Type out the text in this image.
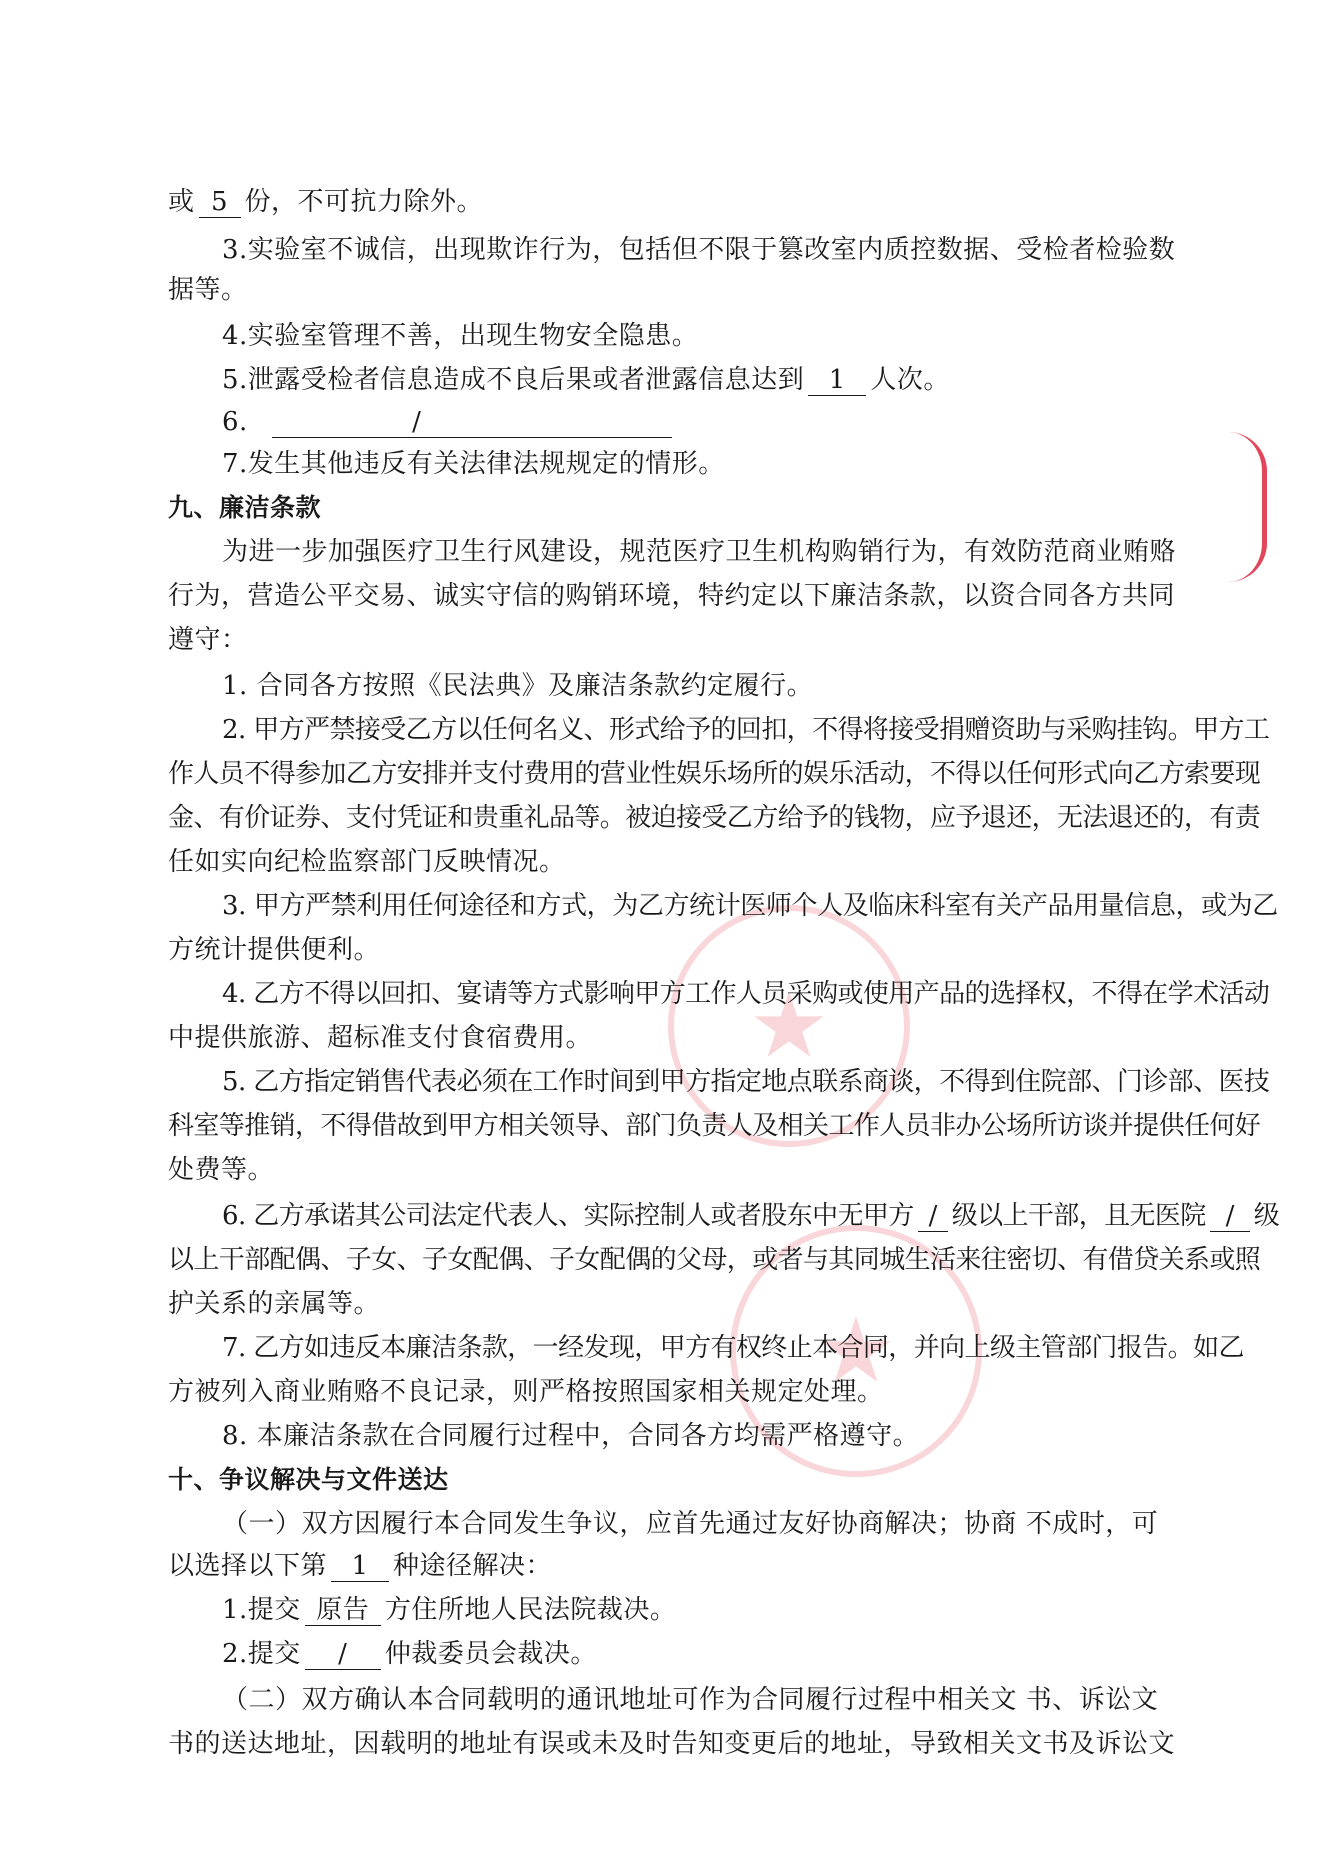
★
★
或 5 份，不可抗力除外。
3.实验室不诚信，出现欺诈行为，包括但不限于篡改室内质控数据、受检者检验数
据等。
4.实验室管理不善，出现生物安全隐患。
5.泄露受检者信息造成不良后果或者泄露信息达到 1 人次。
6.	/
7.发生其他违反有关法律法规规定的情形。
九、廉洁条款
为进一步加强医疗卫生行风建设，规范医疗卫生机构购销行为，有效防范商业贿赂
行为，营造公平交易、诚实守信的购销环境，特约定以下廉洁条款，以资合同各方共同
遵守：
1. 合同各方按照《民法典》及廉洁条款约定履行。
2. 甲方严禁接受乙方以任何名义、形式给予的回扣，不得将接受捐赠资助与采购挂钩。甲方工
作人员不得参加乙方安排并支付费用的营业性娱乐场所的娱乐活动，不得以任何形式向乙方索要现
金、有价证券、支付凭证和贵重礼品等。被迫接受乙方给予的钱物，应予退还，无法退还的，有责
任如实向纪检监察部门反映情况。
3. 甲方严禁利用任何途径和方式，为乙方统计医师个人及临床科室有关产品用量信息，或为乙
方统计提供便利。
4. 乙方不得以回扣、宴请等方式影响甲方工作人员采购或使用产品的选择权，不得在学术活动
中提供旅游、超标准支付食宿费用。
5. 乙方指定销售代表必须在工作时间到甲方指定地点联系商谈，不得到住院部、门诊部、医技
科室等推销，不得借故到甲方相关领导、部门负责人及相关工作人员非办公场所访谈并提供任何好
处费等。
6. 乙方承诺其公司法定代表人、实际控制人或者股东中无甲方 / 级以上干部，且无医院 / 级
以上干部配偶、子女、子女配偶、子女配偶的父母，或者与其同城生活来往密切、有借贷关系或照
护关系的亲属等。
7. 乙方如违反本廉洁条款，一经发现，甲方有权终止本合同，并向上级主管部门报告。如乙
方被列入商业贿赂不良记录，则严格按照国家相关规定处理。
8. 本廉洁条款在合同履行过程中，合同各方均需严格遵守。
十、争议解决与文件送达
（一）双方因履行本合同发生争议，应首先通过友好协商解决；协商 不成时，可
以选择以下第 1 种途径解决：
1.提交 原告 方住所地人民法院裁决。
2.提交 / 仲裁委员会裁决。
（二）双方确认本合同载明的通讯地址可作为合同履行过程中相关文 书、诉讼文
书的送达地址，因载明的地址有误或未及时告知变更后的地址，导致相关文书及诉讼文
